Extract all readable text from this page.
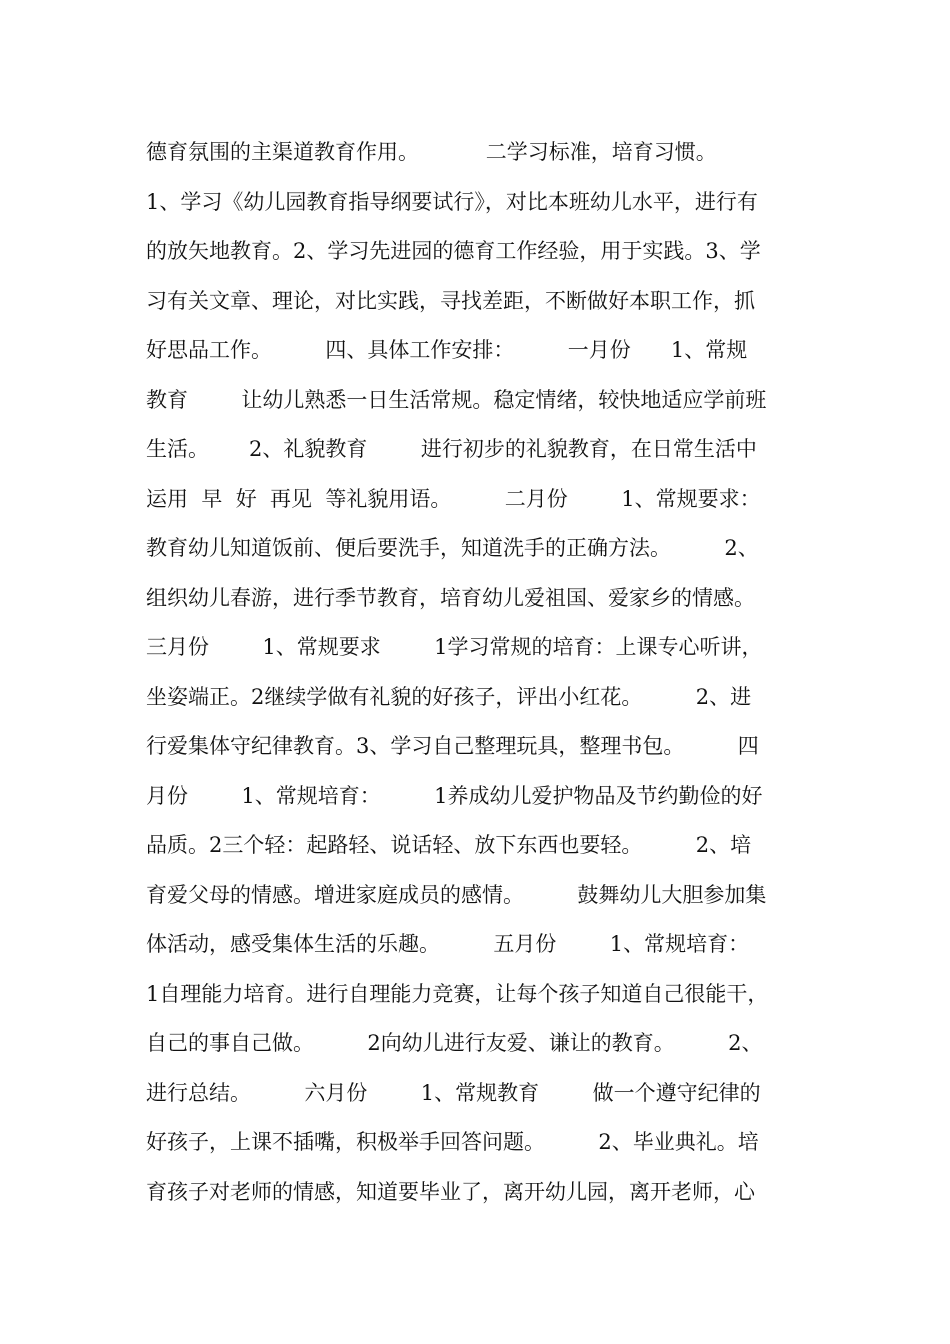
德育氛围的主渠道教育作用。          二学习标准，培育习惯。
1、学习《幼儿园教育指导纲要试行》，对比本班幼儿水平，进行有
的放矢地教育。2、学习先进园的德育工作经验，用于实践。3、学
习有关文章、理论，对比实践，寻找差距，不断做好本职工作，抓
好思品工作。        四、具体工作安排：        一月份      1、常规
教育        让幼儿熟悉一日生活常规。稳定情绪，较快地适应学前班
生活。      2、礼貌教育        进行初步的礼貌教育，在日常生活中
运用  早  好  再见  等礼貌用语。        二月份        1、常规要求：
教育幼儿知道饭前、便后要洗手，知道洗手的正确方法。        2、
组织幼儿春游，进行季节教育，培育幼儿爱祖国、爱家乡的情感。
三月份        1、常规要求        1学习常规的培育：上课专心听讲，
坐姿端正。2继续学做有礼貌的好孩子，评出小红花。        2、进
行爱集体守纪律教育。3、学习自己整理玩具，整理书包。        四
月份        1、常规培育：        1养成幼儿爱护物品及节约勤俭的好
品质。2三个轻：起路轻、说话轻、放下东西也要轻。        2、培
育爱父母的情感。增进家庭成员的感情。        鼓舞幼儿大胆参加集
体活动，感受集体生活的乐趣。        五月份        1、常规培育：
1自理能力培育。进行自理能力竞赛，让每个孩子知道自己很能干，
自己的事自己做。        2向幼儿进行友爱、谦让的教育。        2、
进行总结。        六月份        1、常规教育        做一个遵守纪律的
好孩子，上课不插嘴，积极举手回答问题。        2、毕业典礼。培
育孩子对老师的情感，知道要毕业了，离开幼儿园，离开老师，心
